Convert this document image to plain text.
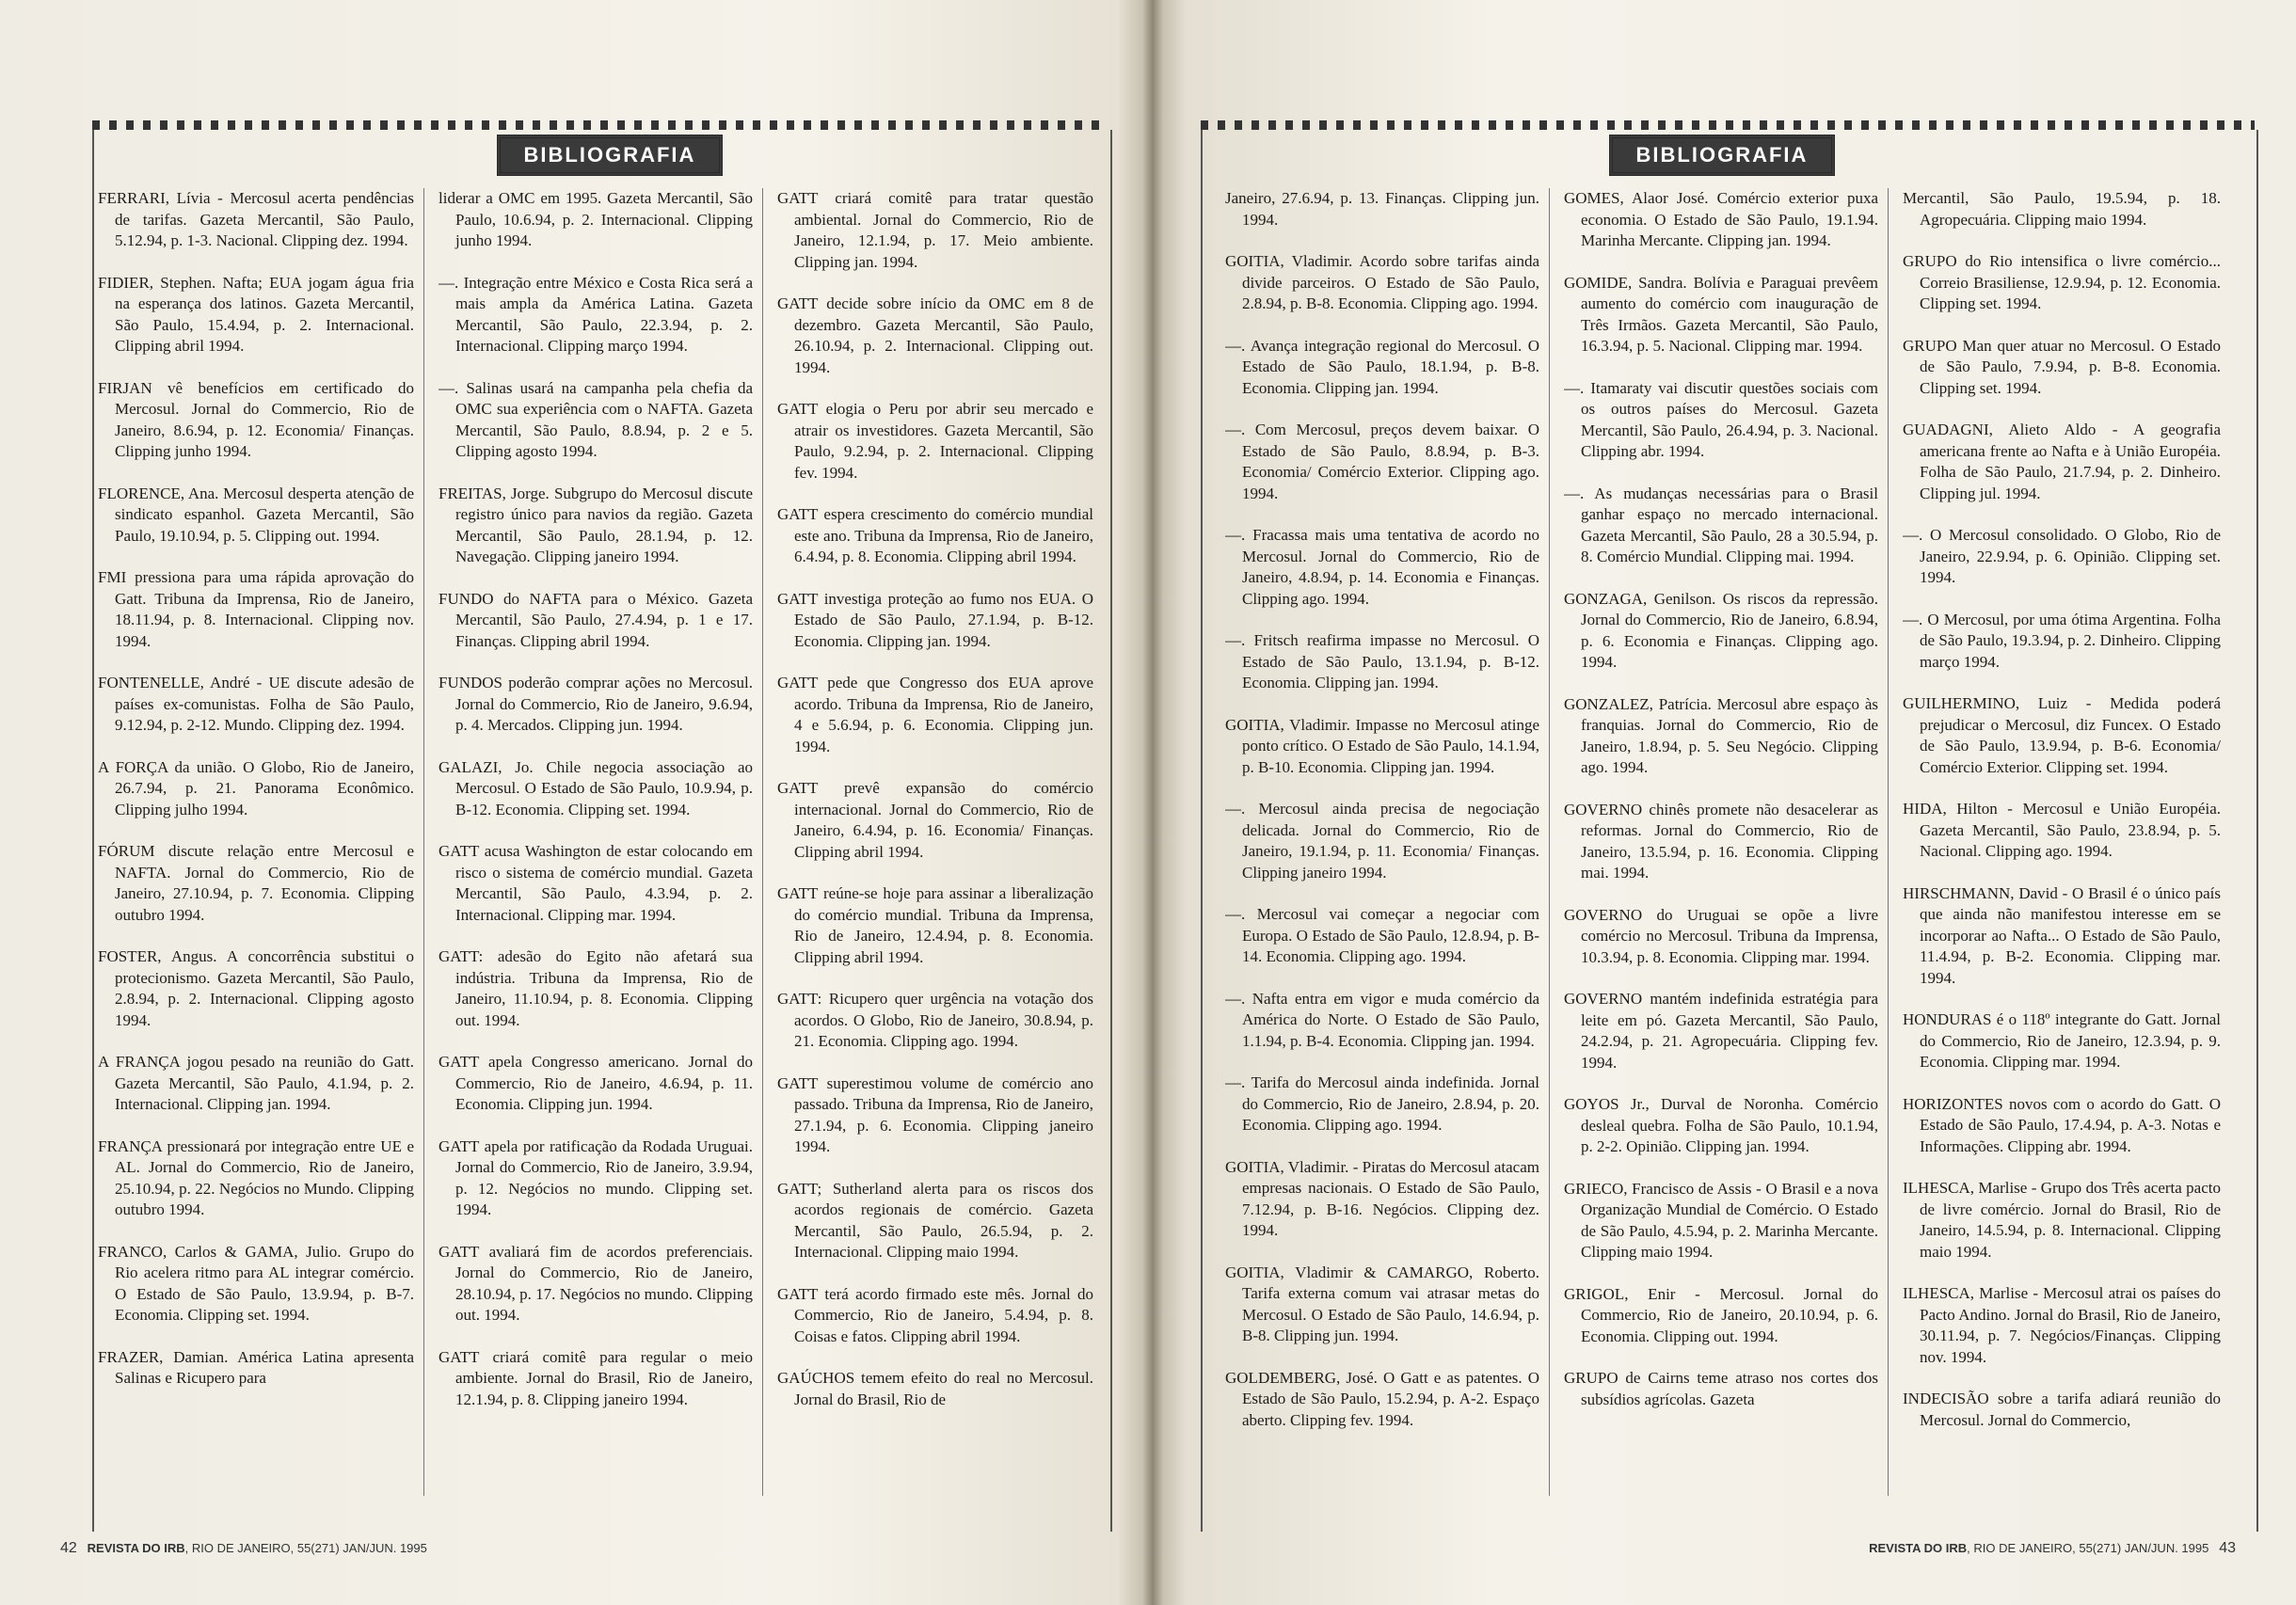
BIBLIOGRAFIA
FERRARI, Lívia - Mercosul acerta pendências de tarifas. Gazeta Mercantil, São Paulo, 5.12.94, p. 1-3. Nacional. Clipping dez. 1994.
FIDIER, Stephen. Nafta; EUA jogam água fria na esperança dos latinos. Gazeta Mercantil, São Paulo, 15.4.94, p. 2. Internacional. Clipping abril 1994.
FIRJAN vê benefícios em certificado do Mercosul. Jornal do Commercio, Rio de Janeiro, 8.6.94, p. 12. Economia/ Finanças. Clipping junho 1994.
FLORENCE, Ana. Mercosul desperta atenção de sindicato espanhol. Gazeta Mercantil, São Paulo, 19.10.94, p. 5. Clipping out. 1994.
FMI pressiona para uma rápida aprovação do Gatt. Tribuna da Imprensa, Rio de Janeiro, 18.11.94, p. 8. Internacional. Clipping nov. 1994.
FONTENELLE, André - UE discute adesão de países ex-comunistas. Folha de São Paulo, 9.12.94, p. 2-12. Mundo. Clipping dez. 1994.
A FORÇA da união. O Globo, Rio de Janeiro, 26.7.94, p. 21. Panorama Econômico. Clipping julho 1994.
FÓRUM discute relação entre Mercosul e NAFTA. Jornal do Commercio, Rio de Janeiro, 27.10.94, p. 7. Economia. Clipping outubro 1994.
FOSTER, Angus. A concorrência substitui o protecionismo. Gazeta Mercantil, São Paulo, 2.8.94, p. 2. Internacional. Clipping agosto 1994.
A FRANÇA jogou pesado na reunião do Gatt. Gazeta Mercantil, São Paulo, 4.1.94, p. 2. Internacional. Clipping jan. 1994.
FRANÇA pressionará por integração entre UE e AL. Jornal do Commercio, Rio de Janeiro, 25.10.94, p. 22. Negócios no Mundo. Clipping outubro 1994.
FRANCO, Carlos & GAMA, Julio. Grupo do Rio acelera ritmo para AL integrar comércio. O Estado de São Paulo, 13.9.94, p. B-7. Economia. Clipping set. 1994.
FRAZER, Damian. América Latina apresenta Salinas e Ricupero para
liderar a OMC em 1995. Gazeta Mercantil, São Paulo, 10.6.94, p. 2. Internacional. Clipping junho 1994.
—. Integração entre México e Costa Rica será a mais ampla da América Latina. Gazeta Mercantil, São Paulo, 22.3.94, p. 2. Internacional. Clipping março 1994.
—. Salinas usará na campanha pela chefia da OMC sua experiência com o NAFTA. Gazeta Mercantil, São Paulo, 8.8.94, p. 2 e 5. Clipping agosto 1994.
FREITAS, Jorge. Subgrupo do Mercosul discute registro único para navios da região. Gazeta Mercantil, São Paulo, 28.1.94, p. 12. Navegação. Clipping janeiro 1994.
FUNDO do NAFTA para o México. Gazeta Mercantil, São Paulo, 27.4.94, p. 1 e 17. Finanças. Clipping abril 1994.
FUNDOS poderão comprar ações no Mercosul. Jornal do Commercio, Rio de Janeiro, 9.6.94, p. 4. Mercados. Clipping jun. 1994.
GALAZI, Jo. Chile negocia associação ao Mercosul. O Estado de São Paulo, 10.9.94, p. B-12. Economia. Clipping set. 1994.
GATT acusa Washington de estar colocando em risco o sistema de comércio mundial. Gazeta Mercantil, São Paulo, 4.3.94, p. 2. Internacional. Clipping mar. 1994.
GATT: adesão do Egito não afetará sua indústria. Tribuna da Imprensa, Rio de Janeiro, 11.10.94, p. 8. Economia. Clipping out. 1994.
GATT apela Congresso americano. Jornal do Commercio, Rio de Janeiro, 4.6.94, p. 11. Economia. Clipping jun. 1994.
GATT apela por ratificação da Rodada Uruguai. Jornal do Commercio, Rio de Janeiro, 3.9.94, p. 12. Negócios no mundo. Clipping set. 1994.
GATT avaliará fim de acordos preferenciais. Jornal do Commercio, Rio de Janeiro, 28.10.94, p. 17. Negócios no mundo. Clipping out. 1994.
GATT criará comitê para regular o meio ambiente. Jornal do Brasil, Rio de Janeiro, 12.1.94, p. 8. Clipping janeiro 1994.
GATT criará comitê para tratar questão ambiental. Jornal do Commercio, Rio de Janeiro, 12.1.94, p. 17. Meio ambiente. Clipping jan. 1994.
GATT decide sobre início da OMC em 8 de dezembro. Gazeta Mercantil, São Paulo, 26.10.94, p. 2. Internacional. Clipping out. 1994.
GATT elogia o Peru por abrir seu mercado e atrair os investidores. Gazeta Mercantil, São Paulo, 9.2.94, p. 2. Internacional. Clipping fev. 1994.
GATT espera crescimento do comércio mundial este ano. Tribuna da Imprensa, Rio de Janeiro, 6.4.94, p. 8. Economia. Clipping abril 1994.
GATT investiga proteção ao fumo nos EUA. O Estado de São Paulo, 27.1.94, p. B-12. Economia. Clipping jan. 1994.
GATT pede que Congresso dos EUA aprove acordo. Tribuna da Imprensa, Rio de Janeiro, 4 e 5.6.94, p. 6. Economia. Clipping jun. 1994.
GATT prevê expansão do comércio internacional. Jornal do Commercio, Rio de Janeiro, 6.4.94, p. 16. Economia/ Finanças. Clipping abril 1994.
GATT reúne-se hoje para assinar a liberalização do comércio mundial. Tribuna da Imprensa, Rio de Janeiro, 12.4.94, p. 8. Economia. Clipping abril 1994.
GATT: Ricupero quer urgência na votação dos acordos. O Globo, Rio de Janeiro, 30.8.94, p. 21. Economia. Clipping ago. 1994.
GATT superestimou volume de comércio ano passado. Tribuna da Imprensa, Rio de Janeiro, 27.1.94, p. 6. Economia. Clipping janeiro 1994.
GATT; Sutherland alerta para os riscos dos acordos regionais de comércio. Gazeta Mercantil, São Paulo, 26.5.94, p. 2. Internacional. Clipping maio 1994.
GATT terá acordo firmado este mês. Jornal do Commercio, Rio de Janeiro, 5.4.94, p. 8. Coisas e fatos. Clipping abril 1994.
GAÚCHOS temem efeito do real no Mercosul. Jornal do Brasil, Rio de
42 REVISTA DO IRB, RIO DE JANEIRO, 55(271) JAN/JUN. 1995
BIBLIOGRAFIA
Janeiro, 27.6.94, p. 13. Finanças. Clipping jun. 1994.
GOITIA, Vladimir. Acordo sobre tarifas ainda divide parceiros. O Estado de São Paulo, 2.8.94, p. B-8. Economia. Clipping ago. 1994.
—. Avança integração regional do Mercosul. O Estado de São Paulo, 18.1.94, p. B-8. Economia. Clipping jan. 1994.
—. Com Mercosul, preços devem baixar. O Estado de São Paulo, 8.8.94, p. B-3. Economia/ Comércio Exterior. Clipping ago. 1994.
—. Fracassa mais uma tentativa de acordo no Mercosul. Jornal do Commercio, Rio de Janeiro, 4.8.94, p. 14. Economia e Finanças. Clipping ago. 1994.
—. Fritsch reafirma impasse no Mercosul. O Estado de São Paulo, 13.1.94, p. B-12. Economia. Clipping jan. 1994.
GOITIA, Vladimir. Impasse no Mercosul atinge ponto crítico. O Estado de São Paulo, 14.1.94, p. B-10. Economia. Clipping jan. 1994.
—. Mercosul ainda precisa de negociação delicada. Jornal do Commercio, Rio de Janeiro, 19.1.94, p. 11. Economia/ Finanças. Clipping janeiro 1994.
—. Mercosul vai começar a negociar com Europa. O Estado de São Paulo, 12.8.94, p. B-14. Economia. Clipping ago. 1994.
—. Nafta entra em vigor e muda comércio da América do Norte. O Estado de São Paulo, 1.1.94, p. B-4. Economia. Clipping jan. 1994.
—. Tarifa do Mercosul ainda indefinida. Jornal do Commercio, Rio de Janeiro, 2.8.94, p. 20. Economia. Clipping ago. 1994.
GOITIA, Vladimir. - Piratas do Mercosul atacam empresas nacionais. O Estado de São Paulo, 7.12.94, p. B-16. Negócios. Clipping dez. 1994.
GOITIA, Vladimir & CAMARGO, Roberto. Tarifa externa comum vai atrasar metas do Mercosul. O Estado de São Paulo, 14.6.94, p. B-8. Clipping jun. 1994.
GOLDEMBERG, José. O Gatt e as patentes. O Estado de São Paulo, 15.2.94, p. A-2. Espaço aberto. Clipping fev. 1994.
GOMES, Alaor José. Comércio exterior puxa economia. O Estado de São Paulo, 19.1.94. Marinha Mercante. Clipping jan. 1994.
GOMIDE, Sandra. Bolívia e Paraguai prevêem aumento do comércio com inauguração de Três Irmãos. Gazeta Mercantil, São Paulo, 16.3.94, p. 5. Nacional. Clipping mar. 1994.
—. Itamaraty vai discutir questões sociais com os outros países do Mercosul. Gazeta Mercantil, São Paulo, 26.4.94, p. 3. Nacional. Clipping abr. 1994.
—. As mudanças necessárias para o Brasil ganhar espaço no mercado internacional. Gazeta Mercantil, São Paulo, 28 a 30.5.94, p. 8. Comércio Mundial. Clipping mai. 1994.
GONZAGA, Genilson. Os riscos da repressão. Jornal do Commercio, Rio de Janeiro, 6.8.94, p. 6. Economia e Finanças. Clipping ago. 1994.
GONZALEZ, Patrícia. Mercosul abre espaço às franquias. Jornal do Commercio, Rio de Janeiro, 1.8.94, p. 5. Seu Negócio. Clipping ago. 1994.
GOVERNO chinês promete não desacelerar as reformas. Jornal do Commercio, Rio de Janeiro, 13.5.94, p. 16. Economia. Clipping mai. 1994.
GOVERNO do Uruguai se opõe a livre comércio no Mercosul. Tribuna da Imprensa, 10.3.94, p. 8. Economia. Clipping mar. 1994.
GOVERNO mantém indefinida estratégia para leite em pó. Gazeta Mercantil, São Paulo, 24.2.94, p. 21. Agropecuária. Clipping fev. 1994.
GOYOS Jr., Durval de Noronha. Comércio desleal quebra. Folha de São Paulo, 10.1.94, p. 2-2. Opinião. Clipping jan. 1994.
GRIECO, Francisco de Assis - O Brasil e a nova Organização Mundial de Comércio. O Estado de São Paulo, 4.5.94, p. 2. Marinha Mercante. Clipping maio 1994.
GRIGOL, Enir - Mercosul. Jornal do Commercio, Rio de Janeiro, 20.10.94, p. 6. Economia. Clipping out. 1994.
GRUPO de Cairns teme atraso nos cortes dos subsídios agrícolas. Gazeta
Mercantil, São Paulo, 19.5.94, p. 18. Agropecuária. Clipping maio 1994.
GRUPO do Rio intensifica o livre comércio... Correio Brasiliense, 12.9.94, p. 12. Economia. Clipping set. 1994.
GRUPO Man quer atuar no Mercosul. O Estado de São Paulo, 7.9.94, p. B-8. Economia. Clipping set. 1994.
GUADAGNI, Alieto Aldo - A geografia americana frente ao Nafta e à União Européia. Folha de São Paulo, 21.7.94, p. 2. Dinheiro. Clipping jul. 1994.
—. O Mercosul consolidado. O Globo, Rio de Janeiro, 22.9.94, p. 6. Opinião. Clipping set. 1994.
—. O Mercosul, por uma ótima Argentina. Folha de São Paulo, 19.3.94, p. 2. Dinheiro. Clipping março 1994.
GUILHERMINO, Luiz - Medida poderá prejudicar o Mercosul, diz Funcex. O Estado de São Paulo, 13.9.94, p. B-6. Economia/ Comércio Exterior. Clipping set. 1994.
HIDA, Hilton - Mercosul e União Européia. Gazeta Mercantil, São Paulo, 23.8.94, p. 5. Nacional. Clipping ago. 1994.
HIRSCHMANN, David - O Brasil é o único país que ainda não manifestou interesse em se incorporar ao Nafta... O Estado de São Paulo, 11.4.94, p. B-2. Economia. Clipping mar. 1994.
HONDURAS é o 118º integrante do Gatt. Jornal do Commercio, Rio de Janeiro, 12.3.94, p. 9. Economia. Clipping mar. 1994.
HORIZONTES novos com o acordo do Gatt. O Estado de São Paulo, 17.4.94, p. A-3. Notas e Informações. Clipping abr. 1994.
ILHESCA, Marlise - Grupo dos Três acerta pacto de livre comércio. Jornal do Brasil, Rio de Janeiro, 14.5.94, p. 8. Internacional. Clipping maio 1994.
ILHESCA, Marlise - Mercosul atrai os países do Pacto Andino. Jornal do Brasil, Rio de Janeiro, 30.11.94, p. 7. Negócios/Finanças. Clipping nov. 1994.
INDECISÃO sobre a tarifa adiará reunião do Mercosul. Jornal do Commercio,
REVISTA DO IRB, RIO DE JANEIRO, 55(271) JAN/JUN. 1995 43
